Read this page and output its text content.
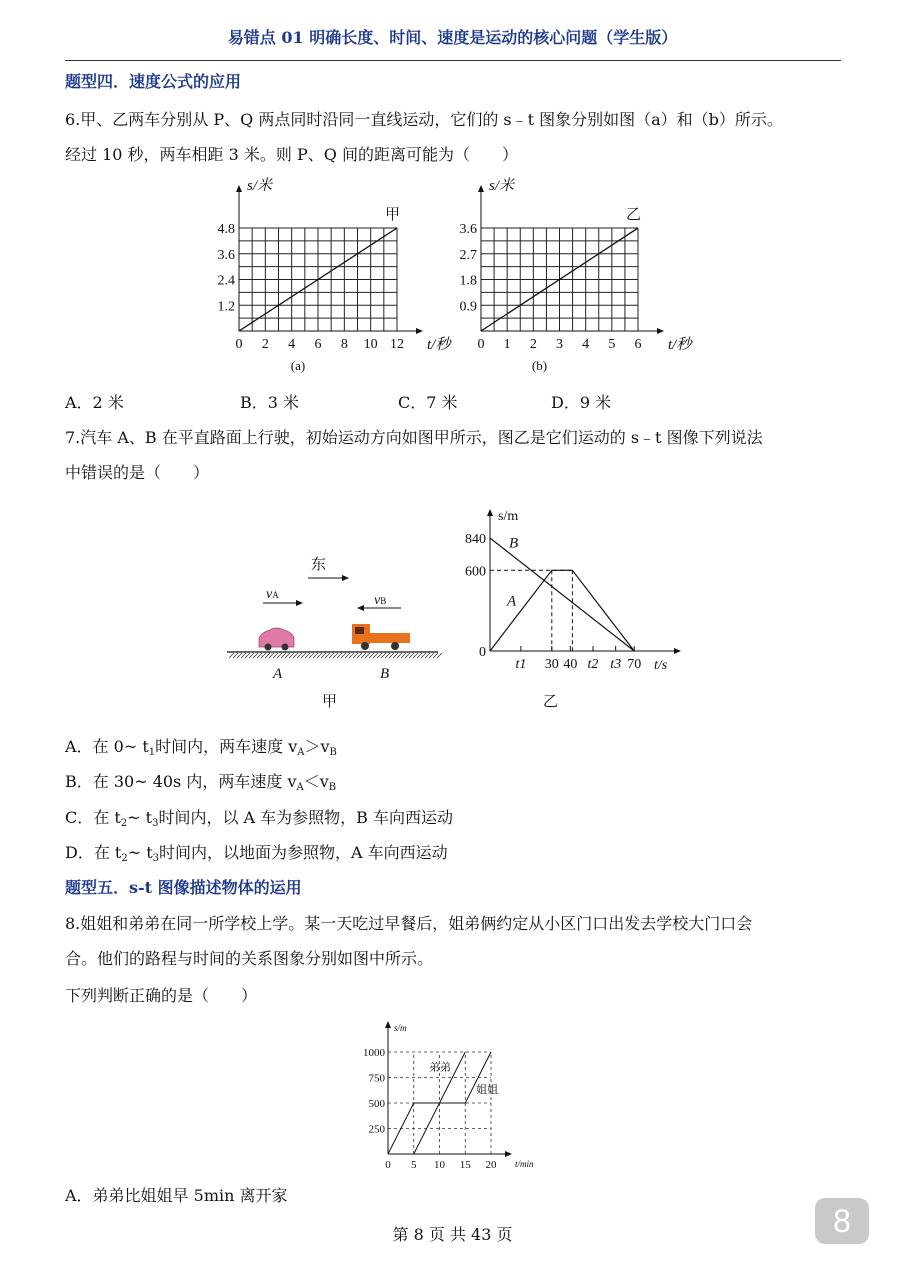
易错点 01 明确长度、时间、速度是运动的核心问题（学生版）
题型四．速度公式的应用
6.甲、乙两车分别从 P、Q 两点同时沿同一直线运动，它们的 s﹣t 图象分别如图（a）和（b）所示。
经过 10 秒，两车相距 3 米。则 P、Q 间的距离可能为（　　）
0 2 4 6 8 10 12
1.2
2.4
3.6
4.8
甲
s/米
t/秒
(a)
0 1 2 3 4 5 6
0.9
1.8
2.7
3.6
乙
s/米
t/秒
(b)
t1 30 40 t2 t3 70
0
600
840 B
A
s/m
t/s
0 5 10 15 20
250
500
750
1000
s/m
t/min
弟弟
姐姐
东
vA	vB
A	B
甲	乙
A．2 米	B．3 米	C．7 米	D．9 米
7.汽车 A、B 在平直路面上行驶，初始运动方向如图甲所示，图乙是它们运动的 s﹣t 图像下列说法
中错误的是（　　）
A．在 0~ $t_1$时间内，两车速度 $v_A>v_B$
B．在 30~ 40s 内，两车速度 $v_A<v_B$
C．在 $t_2\sim$ $t_3$时间内，以 A 车为参照物，B 车向西运动
D．在 $t_2\sim$ $t_3$时间内，以地面为参照物，A 车向西运动
题型五．s-t 图像描述物体的运用
8.姐姐和弟弟在同一所学校上学。某一天吃过早餐后，姐弟俩约定从小区门口出发去学校大门口会
合。他们的路程与时间的关系图象分别如图中所示。
下列判断正确的是（　　）
A．弟弟比姐姐早 5min 离开家
第 8 页 共 43 页	8
